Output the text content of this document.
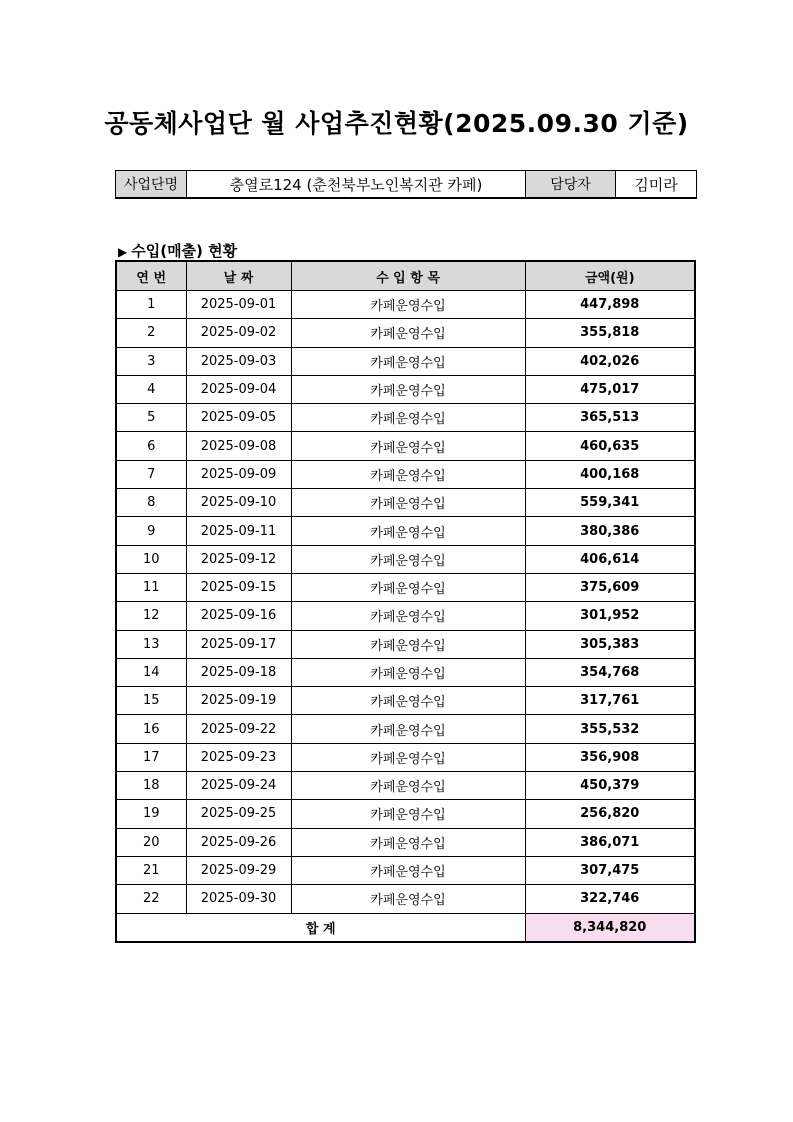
공동체사업단 월 사업추진현황(2025.09.30 기준)
사업단명	충열로124 (춘천북부노인복지관 카페)	담당자	김미라
▶ 수입(매출) 현황
연 번	날 짜	수 입 항 목	금액(원)
1	2025-09-01	카페운영수입	447,898
2	2025-09-02	카페운영수입	355,818
3	2025-09-03	카페운영수입	402,026
4	2025-09-04	카페운영수입	475,017
5	2025-09-05	카페운영수입	365,513
6	2025-09-08	카페운영수입	460,635
7	2025-09-09	카페운영수입	400,168
8	2025-09-10	카페운영수입	559,341
9	2025-09-11	카페운영수입	380,386
10	2025-09-12	카페운영수입	406,614
11	2025-09-15	카페운영수입	375,609
12	2025-09-16	카페운영수입	301,952
13	2025-09-17	카페운영수입	305,383
14	2025-09-18	카페운영수입	354,768
15	2025-09-19	카페운영수입	317,761
16	2025-09-22	카페운영수입	355,532
17	2025-09-23	카페운영수입	356,908
18	2025-09-24	카페운영수입	450,379
19	2025-09-25	카페운영수입	256,820
20	2025-09-26	카페운영수입	386,071
21	2025-09-29	카페운영수입	307,475
22	2025-09-30	카페운영수입	322,746
합 계			8,344,820
